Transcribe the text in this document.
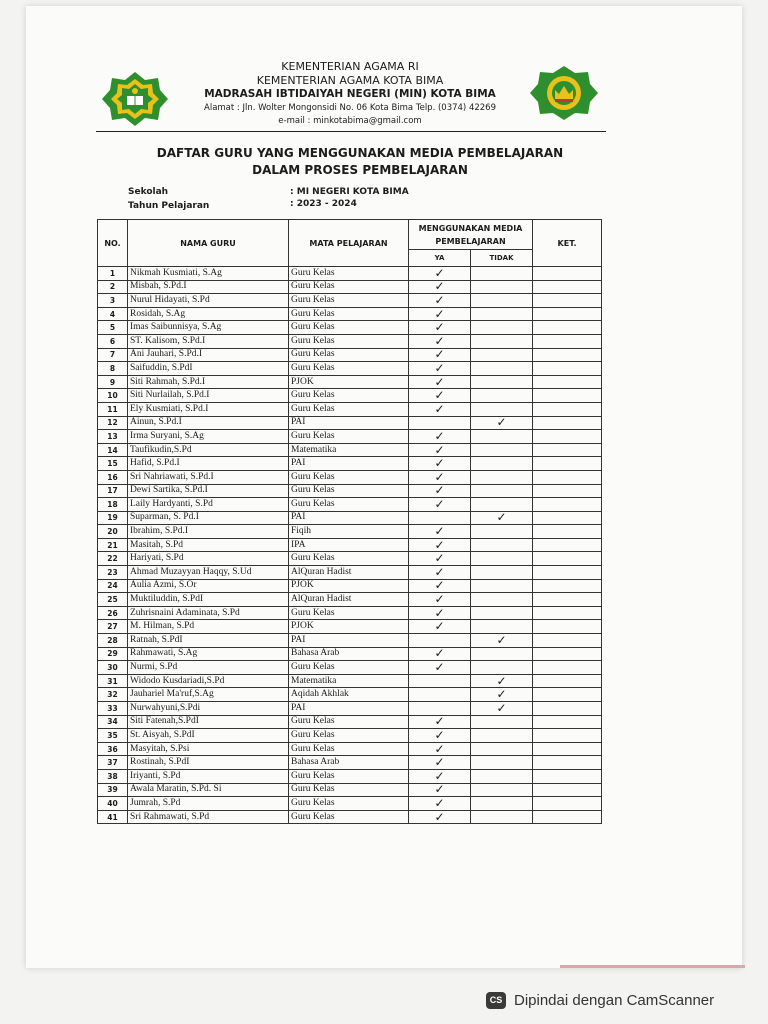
KEMENTERIAN AGAMA RI
KEMENTERIAN AGAMA KOTA BIMA
MADRASAH IBTIDAIYAH NEGERI (MIN) KOTA BIMA
Alamat : Jln. Wolter Mongonsidi No. 06 Kota Bima Telp. (0374) 42269
e-mail : minkotabima@gmail.com
DAFTAR GURU YANG MENGGUNAKAN MEDIA PEMBELAJARAN
DALAM PROSES PEMBELAJARAN
Sekolah	: MI NEGERI KOTA BIMA
Tahun Pelajaran	: 2023 - 2024
NO.	NAMA GURU	MATA PELAJARAN	MENGGUNAKAN MEDIA PEMBELAJARAN		KET.
			YA	TIDAK	
1	Nikmah Kusmiati, S.Ag	Guru Kelas	✓		
2	Misbah, S.Pd.I	Guru Kelas	✓		
3	Nurul Hidayati, S.Pd	Guru Kelas	✓		
4	Rosidah, S.Ag	Guru Kelas	✓		
5	Imas Saibunnisya, S.Ag	Guru Kelas	✓		
6	ST. Kalisom, S.Pd.I	Guru Kelas	✓		
7	Ani Jauhari, S.Pd.I	Guru Kelas	✓		
8	Saifuddin, S.PdI	Guru Kelas	✓		
9	Siti Rahmah, S.Pd.I	PJOK	✓		
10	Siti Nurlailah, S.Pd.I	Guru Kelas	✓		
11	Ely Kusmiati, S.Pd.I	Guru Kelas	✓		
12	Ainun, S.Pd.I	PAI		✓	
13	Irma Suryani, S.Ag	Guru Kelas	✓		
14	Taufikudin,S.Pd	Matematika	✓		
15	Hafid, S.Pd.I	PAI	✓		
16	Sri Nahriawati, S.Pd.I	Guru Kelas	✓		
17	Dewi Sartika, S.Pd.I	Guru Kelas	✓		
18	Laily Hardyanti, S.Pd	Guru Kelas	✓		
19	Suparman, S. Pd.I	PAI		✓	
20	Ibrahim, S.Pd.I	Fiqih	✓		
21	Masitah, S.Pd	IPA	✓		
22	Hariyati, S.Pd	Guru Kelas	✓		
23	Ahmad Muzayyan Haqqy, S.Ud	AlQuran Hadist	✓		
24	Aulia Azmi, S.Or	PJOK	✓		
25	Muktiluddin, S.PdI	AlQuran Hadist	✓		
26	Zuhrisnaini Adaminata, S.Pd	Guru Kelas	✓		
27	M. Hilman, S.Pd	PJOK	✓		
28	Ratnah, S.PdI	PAI		✓	
29	Rahmawati, S.Ag	Bahasa Arab	✓		
30	Nurmi, S.Pd	Guru Kelas	✓		
31	Widodo Kusdariadi,S.Pd	Matematika		✓	
32	Jauhariel Ma'ruf,S.Ag	Aqidah Akhlak		✓	
33	Nurwahyuni,S.Pdi	PAI		✓	
34	Siti Fatenah,S.PdI	Guru Kelas	✓		
35	St. Aisyah, S.PdI	Guru Kelas	✓		
36	Masyitah, S.Psi	Guru Kelas	✓		
37	Rostinah, S.PdI	Bahasa Arab	✓		
38	Iriyanti, S.Pd	Guru Kelas	✓		
39	Awala Maratin, S.Pd. Si	Guru Kelas	✓		
40	Jumrah, S.Pd	Guru Kelas	✓		
41	Sri Rahmawati, S.Pd	Guru Kelas	✓		
CS Dipindai dengan CamScanner
